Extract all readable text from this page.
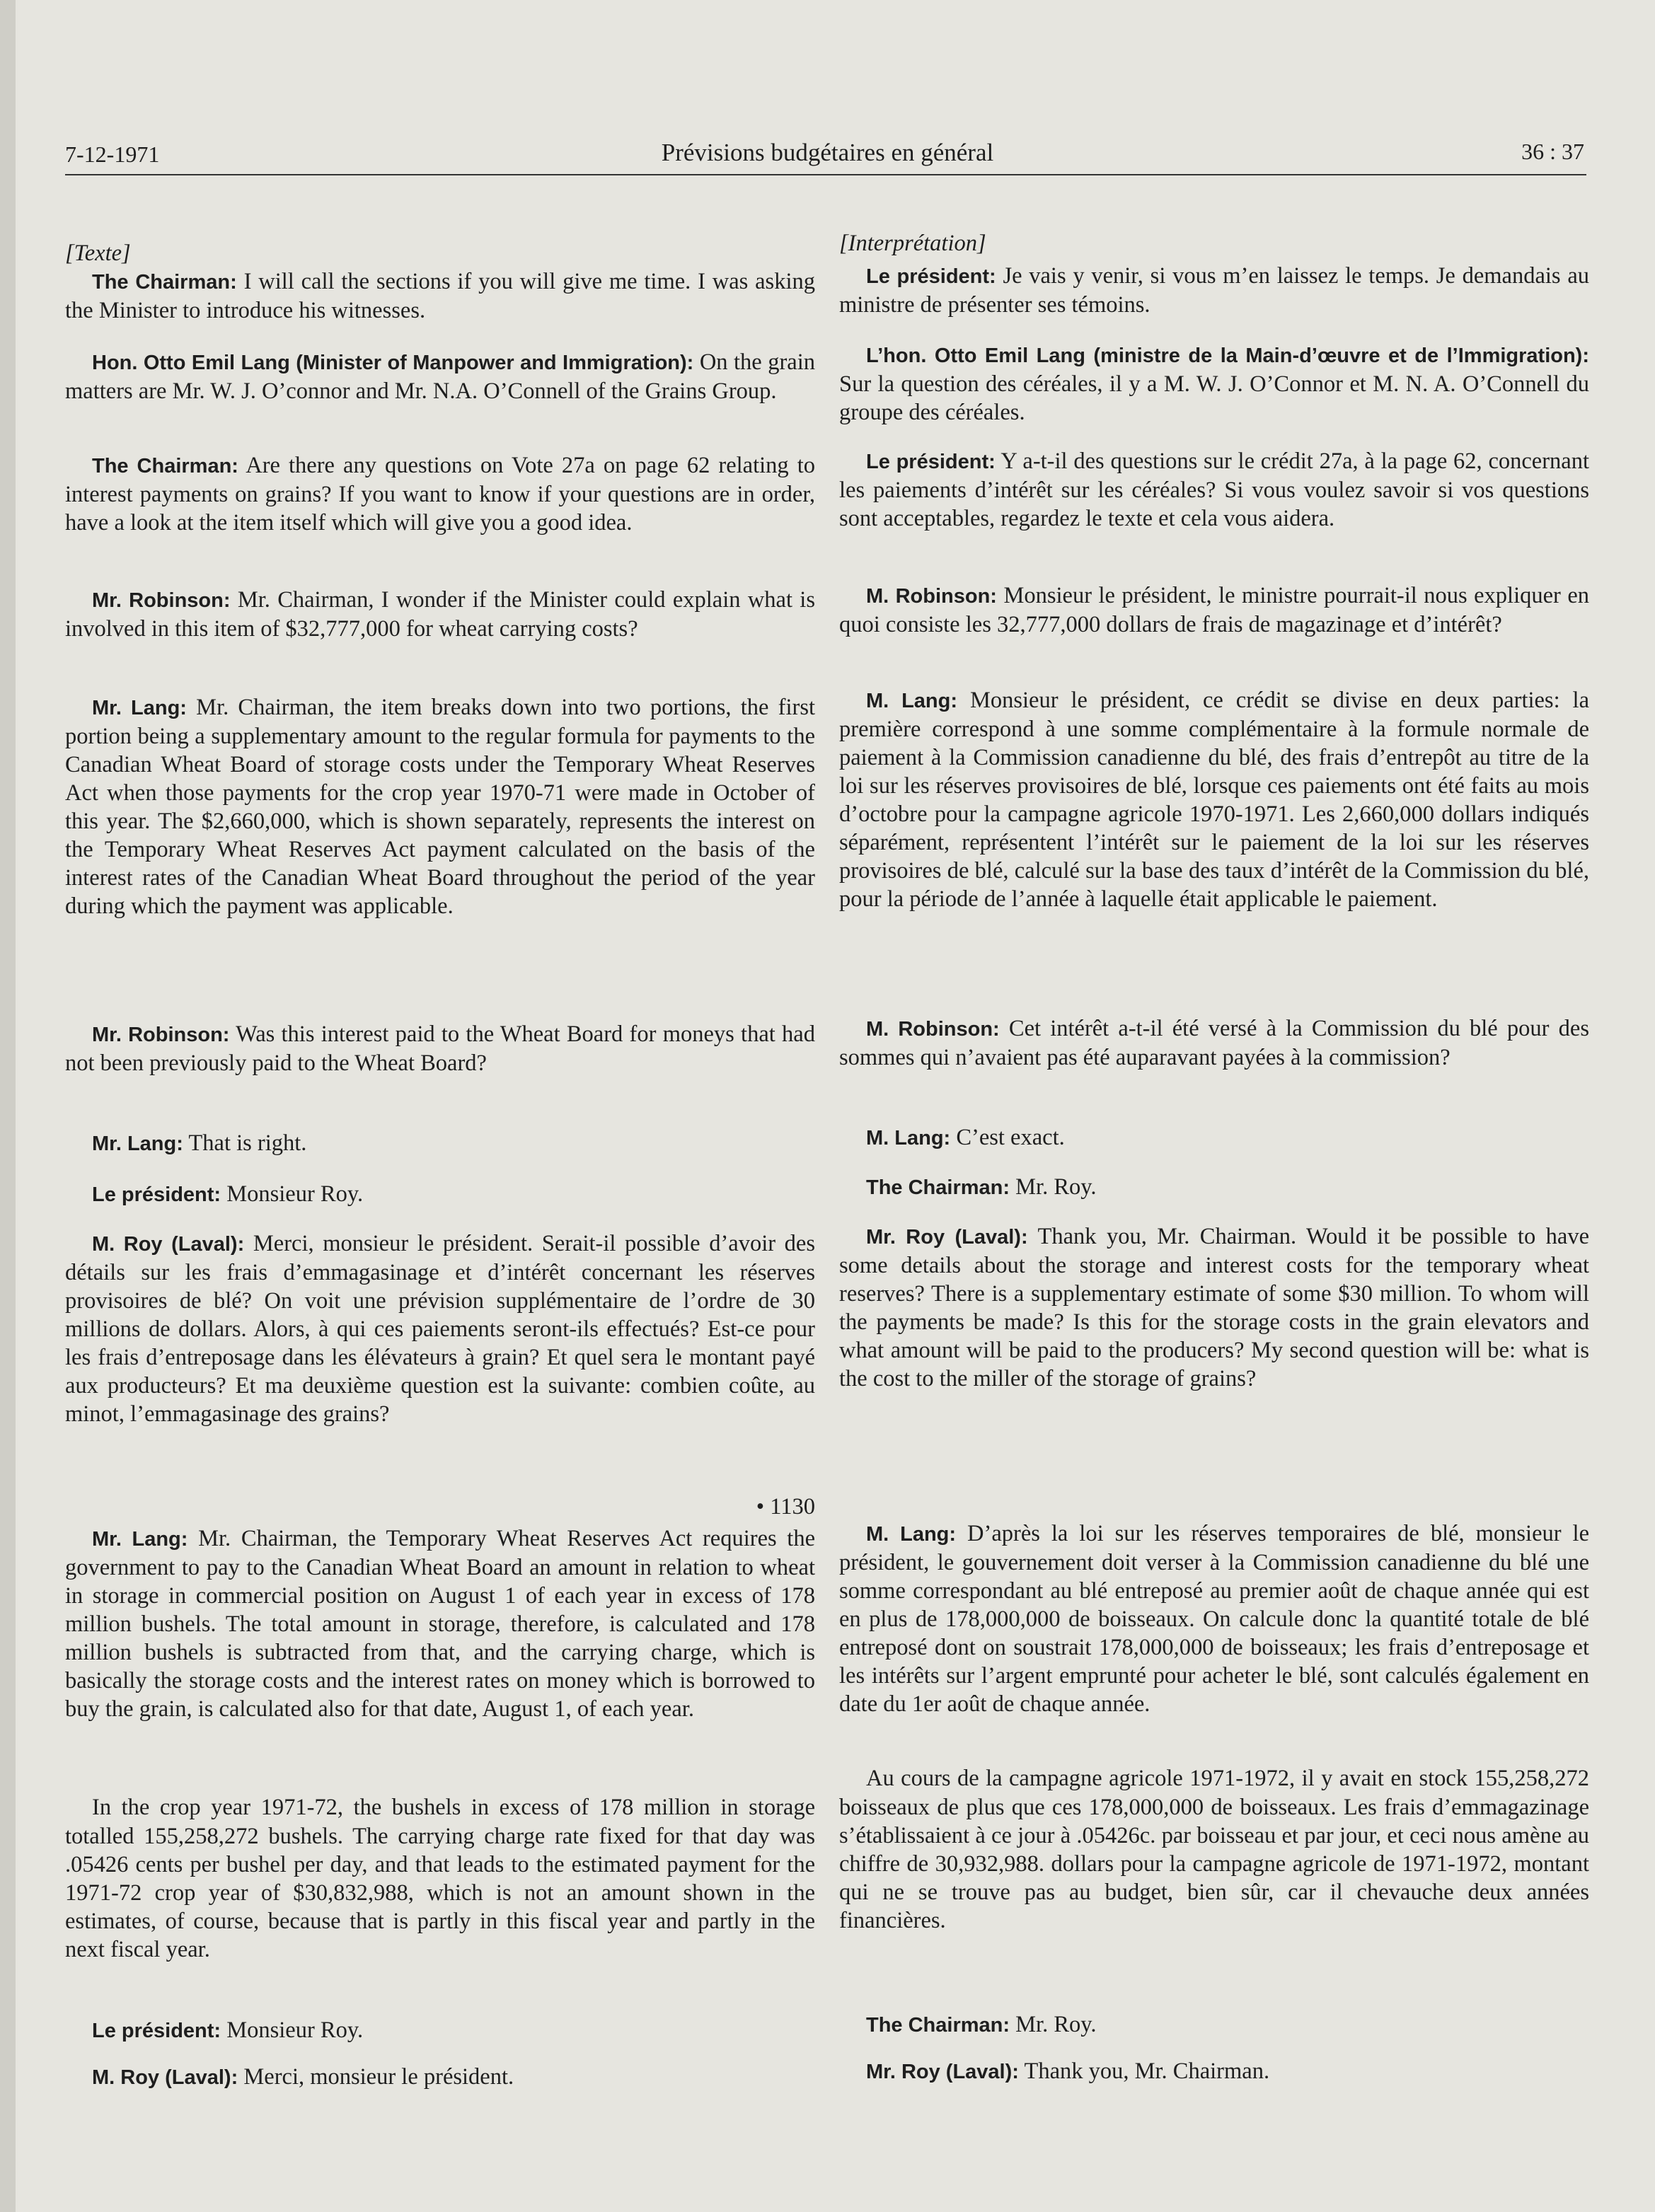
7-12-1971	Prévisions budgétaires en général	36 : 37
[Texte]

The Chairman: I will call the sections if you will give me time. I was asking the Minister to introduce his witnesses.

Hon. Otto Emil Lang (Minister of Manpower and Immigration): On the grain matters are Mr. W. J. O’connor and Mr. N.A. O’Connell of the Grains Group.

The Chairman: Are there any questions on Vote 27a on page 62 relating to interest payments on grains? If you want to know if your questions are in order, have a look at the item itself which will give you a good idea.

Mr. Robinson: Mr. Chairman, I wonder if the Minister could explain what is involved in this item of $32,777,000 for wheat carrying costs?

Mr. Lang: Mr. Chairman, the item breaks down into two portions, the first portion being a supplementary amount to the regular formula for payments to the Canadian Wheat Board of storage costs under the Temporary Wheat Reserves Act when those payments for the crop year 1970-71 were made in October of this year. The $2,660,000, which is shown separately, represents the interest on the Temporary Wheat Reserves Act payment calculated on the basis of the interest rates of the Canadian Wheat Board throughout the period of the year during which the payment was applicable.

Mr. Robinson: Was this interest paid to the Wheat Board for moneys that had not been previously paid to the Wheat Board?

Mr. Lang: That is right.

Le président: Monsieur Roy.

M. Roy (Laval): Merci, monsieur le président. Serait-il possible d’avoir des détails sur les frais d’emmagasinage et d’intérêt concernant les réserves provisoires de blé? On voit une prévision supplémentaire de l’ordre de 30 millions de dollars. Alors, à qui ces paiements seront-ils effectués? Est-ce pour les frais d’entreposage dans les élévateurs à grain? Et quel sera le montant payé aux producteurs? Et ma deuxième question est la suivante: combien coûte, au minot, l’emmagasinage des grains?

• 1130

Mr. Lang: Mr. Chairman, the Temporary Wheat Reserves Act requires the government to pay to the Canadian Wheat Board an amount in relation to wheat in storage in commercial position on August 1 of each year in excess of 178 million bushels. The total amount in storage, therefore, is calculated and 178 million bushels is subtracted from that, and the carrying charge, which is basically the storage costs and the interest rates on money which is borrowed to buy the grain, is calculated also for that date, August 1, of each year.

In the crop year 1971-72, the bushels in excess of 178 million in storage totalled 155,258,272 bushels. The carrying charge rate fixed for that day was .05426 cents per bushel per day, and that leads to the estimated payment for the 1971-72 crop year of $30,832,988, which is not an amount shown in the estimates, of course, because that is partly in this fiscal year and partly in the next fiscal year.

Le président: Monsieur Roy.

M. Roy (Laval): Merci, monsieur le président.

[Interprétation]

Le président: Je vais y venir, si vous m’en laissez le temps. Je demandais au ministre de présenter ses témoins.

L’hon. Otto Emil Lang (ministre de la Main-d’œuvre et de l’Immigration): Sur la question des céréales, il y a M. W. J. O’Connor et M. N. A. O’Connell du groupe des céréales.

Le président: Y a-t-il des questions sur le crédit 27a, à la page 62, concernant les paiements d’intérêt sur les céréales? Si vous voulez savoir si vos questions sont acceptables, regardez le texte et cela vous aidera.

M. Robinson: Monsieur le président, le ministre pourrait-il nous expliquer en quoi consiste les 32,777,000 dollars de frais de magazinage et d’intérêt?

M. Lang: Monsieur le président, ce crédit se divise en deux parties: la première correspond à une somme complémentaire à la formule normale de paiement à la Commission canadienne du blé, des frais d’entrepôt au titre de la loi sur les réserves provisoires de blé, lorsque ces paiements ont été faits au mois d’octobre pour la campagne agricole 1970-1971. Les 2,660,000 dollars indiqués séparément, représentent l’intérêt sur le paiement de la loi sur les réserves provisoires de blé, calculé sur la base des taux d’intérêt de la Commission du blé, pour la période de l’année à laquelle était applicable le paiement.

M. Robinson: Cet intérêt a-t-il été versé à la Commission du blé pour des sommes qui n’avaient pas été auparavant payées à la commission?

M. Lang: C’est exact.

The Chairman: Mr. Roy.

Mr. Roy (Laval): Thank you, Mr. Chairman. Would it be possible to have some details about the storage and interest costs for the temporary wheat reserves? There is a supplementary estimate of some $30 million. To whom will the payments be made? Is this for the storage costs in the grain elevators and what amount will be paid to the producers? My second question will be: what is the cost to the miller of the storage of grains?

M. Lang: D’après la loi sur les réserves temporaires de blé, monsieur le président, le gouvernement doit verser à la Commission canadienne du blé une somme correspondant au blé entreposé au premier août de chaque année qui est en plus de 178,000,000 de boisseaux. On calcule donc la quantité totale de blé entreposé dont on soustrait 178,000,000 de boisseaux; les frais d’entreposage et les intérêts sur l’argent emprunté pour acheter le blé, sont calculés également en date du 1er août de chaque année.

Au cours de la campagne agricole 1971-1972, il y avait en stock 155,258,272 boisseaux de plus que ces 178,000,000 de boisseaux. Les frais d’emmagazinage s’établissaient à ce jour à .05426c. par boisseau et par jour, et ceci nous amène au chiffre de 30,932,988. dollars pour la campagne agricole de 1971-1972, montant qui ne se trouve pas au budget, bien sûr, car il chevauche deux années financières.

The Chairman: Mr. Roy.

Mr. Roy (Laval): Thank you, Mr. Chairman.
